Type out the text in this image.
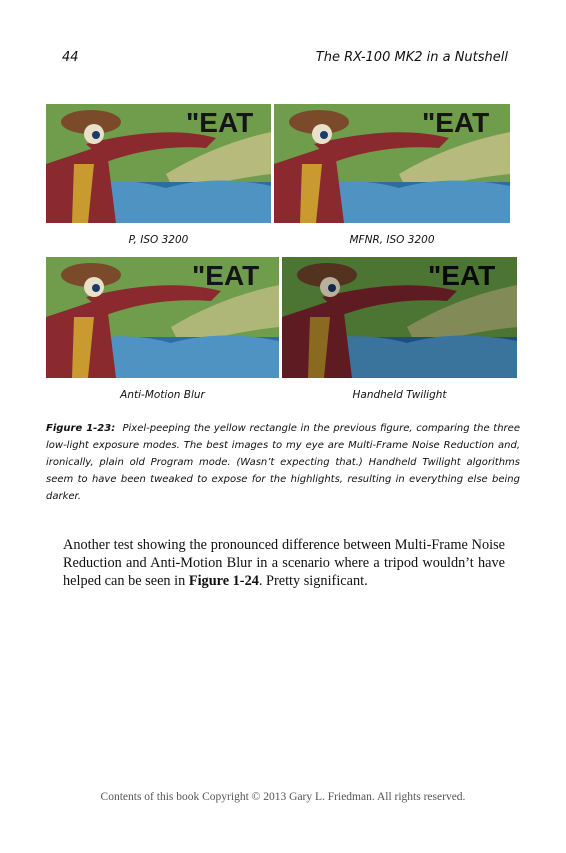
44	The RX-100 MK2 in a Nutshell
"EAT	"EAT
P, ISO 3200	MFNR, ISO 3200
"EAT	"EAT
Anti-Motion Blur	Handheld Twilight
Figure 1-23: Pixel-peeping the yellow rectangle in the previous figure, comparing the three low-light exposure modes. The best images to my eye are Multi-Frame Noise Reduction and, ironically, plain old Program mode. (Wasn’t expecting that.) Handheld Twilight algorithms seem to have been tweaked to expose for the highlights, resulting in everything else being darker.
Another test showing the pronounced difference between Multi-Frame Noise Reduction and Anti-Motion Blur in a scenario where a tripod wouldn’t have helped can be seen in Figure 1-24. Pretty significant.
Contents of this book Copyright © 2013 Gary L. Friedman. All rights reserved.
